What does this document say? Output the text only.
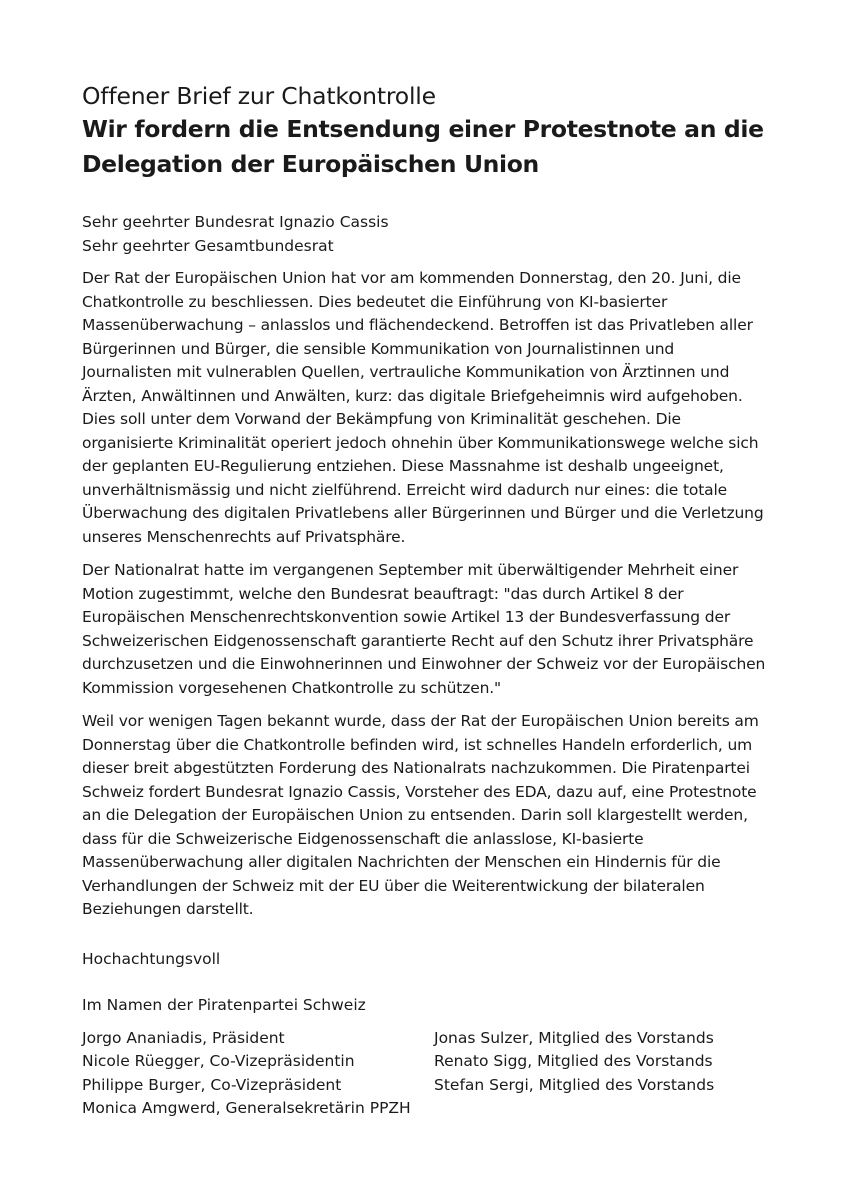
Offener Brief zur Chatkontrolle
Wir fordern die Entsendung einer Protestnote an die
Delegation der Europäischen Union
Sehr geehrter Bundesrat Ignazio Cassis
Sehr geehrter Gesamtbundesrat

Der Rat der Europäischen Union hat vor am kommenden Donnerstag, den 20. Juni, die Chatkontrolle zu beschliessen. Dies bedeutet die Einführung von KI-basierter Massenüberwachung – anlasslos und flächendeckend. Betroffen ist das Privatleben aller Bürgerinnen und Bürger, die sensible Kommunikation von Journalistinnen und Journalisten mit vulnerablen Quellen, vertrauliche Kommunikation von Ärztinnen und Ärzten, Anwältinnen und Anwälten, kurz: das digitale Briefgeheimnis wird aufgehoben. Dies soll unter dem Vorwand der Bekämpfung von Kriminalität geschehen. Die organisierte Kriminalität operiert jedoch ohnehin über Kommunikationswege welche sich der geplanten EU-Regulierung entziehen. Diese Massnahme ist deshalb ungeeignet, unverhältnismässig und nicht zielführend. Erreicht wird dadurch nur eines: die totale Überwachung des digitalen Privatlebens aller Bürgerinnen und Bürger und die Verletzung unseres Menschenrechts auf Privatsphäre.

Der Nationalrat hatte im vergangenen September mit überwältigender Mehrheit einer Motion zugestimmt, welche den Bundesrat beauftragt: "das durch Artikel 8 der Europäischen Menschenrechtskonvention sowie Artikel 13 der Bundesverfassung der Schweizerischen Eidgenossenschaft garantierte Recht auf den Schutz ihrer Privatsphäre durchzusetzen und die Einwohnerinnen und Einwohner der Schweiz vor der Europäischen Kommission vorgesehenen Chatkontrolle zu schützen."

Weil vor wenigen Tagen bekannt wurde, dass der Rat der Europäischen Union bereits am Donnerstag über die Chatkontrolle befinden wird, ist schnelles Handeln erforderlich, um dieser breit abgestützten Forderung des Nationalrats nachzukommen. Die Piratenpartei Schweiz fordert Bundesrat Ignazio Cassis, Vorsteher des EDA, dazu auf, eine Protestnote an die Delegation der Europäischen Union zu entsenden. Darin soll klargestellt werden, dass für die Schweizerische Eidgenossenschaft die anlasslose, KI-basierte Massenüberwachung aller digitalen Nachrichten der Menschen ein Hindernis für die Verhandlungen der Schweiz mit der EU über die Weiterentwickung der bilateralen Beziehungen darstellt.

Hochachtungsvoll
Im Namen der Piratenpartei Schweiz
Jorgo Ananiadis, Präsident
Nicole Rüegger, Co-Vizepräsidentin
Philippe Burger, Co-Vizepräsident
Monica Amgwerd, Generalsekretärin PPZH
Jonas Sulzer, Mitglied des Vorstands
Renato Sigg, Mitglied des Vorstands
Stefan Sergi, Mitglied des Vorstands
